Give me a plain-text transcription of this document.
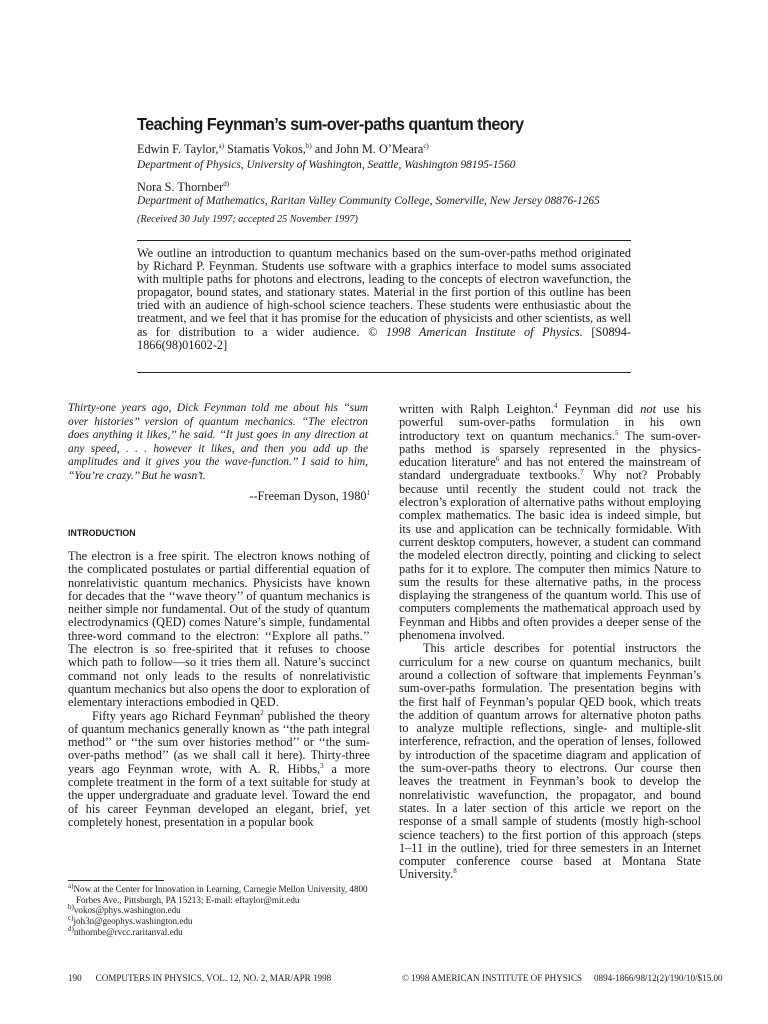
Teaching Feynman’s sum-over-paths quantum theory
Edwin F. Taylor,$^{a)}$ Stamatis Vokos,$^{b)}$ and John M. O’Meara$^{c)}$
Department of Physics, University of Washington, Seattle, Washington 98195-1560
Nora S. Thornber$^{d)}$
Department of Mathematics, Raritan Valley Community College, Somerville, New Jersey 08876-1265
(Received 30 July 1997; accepted 25 November 1997)
We outline an introduction to quantum mechanics based on the sum-over-paths method originated by Richard P. Feynman. Students use software with a graphics interface to model sums associated with multiple paths for photons and electrons, leading to the concepts of electron wavefunction, the propagator, bound states, and stationary states. Material in the first portion of this outline has been tried with an audience of high-school science teachers. These students were enthusiastic about the treatment, and we feel that it has promise for the education of physicists and other scientists, as well as for distribution to a wider audience. © 1998 American Institute of Physics. [S0894-1866(98)01602-2]
Thirty-one years ago, Dick Feynman told me about his ‘‘sum over histories’’ version of quantum mechanics. ‘‘The electron does anything it likes,’’ he said. ‘‘It just goes in any direction at any speed, . . . however it likes, and then you add up the amplitudes and it gives you the wave-function.’’ I said to him, ‘‘You’re crazy.’’ But he wasn’t.
--Freeman Dyson, 1980$^1$
INTRODUCTION

The electron is a free spirit. The electron knows nothing of the complicated postulates or partial differential equation of nonrelativistic quantum mechanics. Physicists have known for decades that the ‘‘wave theory’’ of quantum mechanics is neither simple nor fundamental. Out of the study of quantum electrodynamics (QED) comes Nature’s simple, fundamental three-word command to the electron: ‘‘Explore all paths.’’ The electron is so free-spirited that it refuses to choose which path to follow—so it tries them all. Nature’s succinct command not only leads to the results of nonrelativistic quantum mechanics but also opens the door to exploration of elementary interactions embodied in QED.

Fifty years ago Richard Feynman$^2$ published the theory of quantum mechanics generally known as ‘‘the path integral method’’ or ‘‘the sum over histories method’’ or ‘‘the sum-over-paths method’’ (as we shall call it here). Thirty-three years ago Feynman wrote, with A. R. Hibbs,$^3$ a more complete treatment in the form of a text suitable for study at the upper undergraduate and graduate level. Toward the end of his career Feynman developed an elegant, brief, yet completely honest, presentation in a popular book

written with Ralph Leighton.$^4$ Feynman did not use his powerful sum-over-paths formulation in his own introductory text on quantum mechanics.$^5$ The sum-over-paths method is sparsely represented in the physics-education literature$^6$ and has not entered the mainstream of standard undergraduate textbooks.$^7$ Why not? Probably because until recently the student could not track the electron’s exploration of alternative paths without employing complex mathematics. The basic idea is indeed simple, but its use and application can be technically formidable. With current desktop computers, however, a student can command the modeled electron directly, pointing and clicking to select paths for it to explore. The computer then mimics Nature to sum the results for these alternative paths, in the process displaying the strangeness of the quantum world. This use of computers complements the mathematical approach used by Feynman and Hibbs and often provides a deeper sense of the phenomena involved.

This article describes for potential instructors the curriculum for a new course on quantum mechanics, built around a collection of software that implements Feynman’s sum-over-paths formulation. The presentation begins with the first half of Feynman’s popular QED book, which treats the addition of quantum arrows for alternative photon paths to analyze multiple reflections, single- and multiple-slit interference, refraction, and the operation of lenses, followed by introduction of the spacetime diagram and application of the sum-over-paths theory to electrons. Our course then leaves the treatment in Feynman’s book to develop the nonrelativistic wavefunction, the propagator, and bound states. In a later section of this article we report on the response of a small sample of students (mostly high-school science teachers) to the first portion of this approach (steps 1–11 in the outline), tried for three semesters in an Internet computer conference course based at Montana State University.$^8$

$^{a)}$Now at the Center for Innovation in Learning, Carnegie Mellon University, 4800 Forbes Ave., Pittsburgh, PA 15213; E-mail: eftaylor@mit.edu
$^{b)}$vokos@phys.washington.edu
$^{c)}$joh3n@geophys.washington.edu
$^{d)}$nthornbe@rvcc.raritanval.edu
190 COMPUTERS IN PHYSICS, VOL. 12, NO. 2, MAR/APR 1998	© 1998 AMERICAN INSTITUTE OF PHYSICS 0894-1866/98/12(2)/190/10/$15.00
